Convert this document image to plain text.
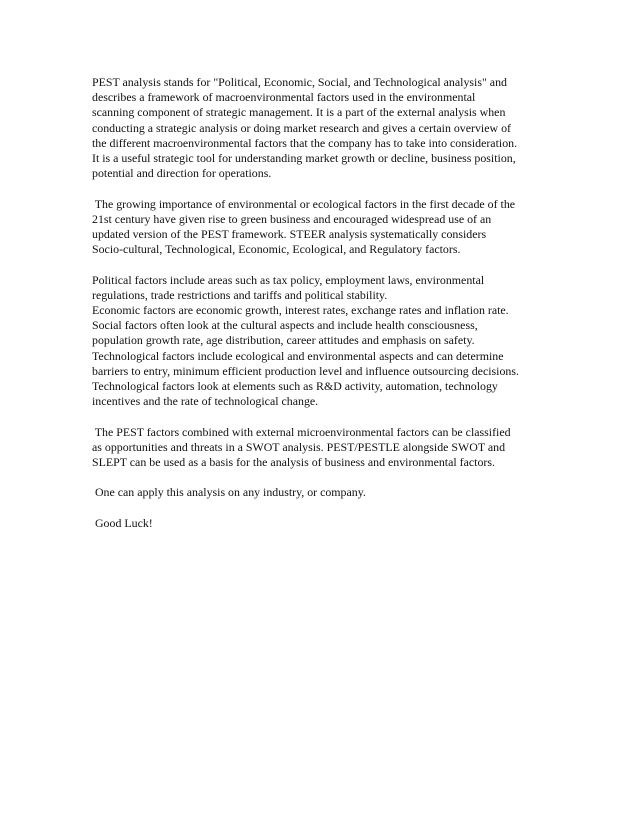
PEST analysis stands for "Political, Economic, Social, and Technological analysis" and
describes a framework of macroenvironmental factors used in the environmental
scanning component of strategic management. It is a part of the external analysis when
conducting a strategic analysis or doing market research and gives a certain overview of
the different macroenvironmental factors that the company has to take into consideration.
It is a useful strategic tool for understanding market growth or decline, business position,
potential and direction for operations.

The growing importance of environmental or ecological factors in the first decade of the
21st century have given rise to green business and encouraged widespread use of an
updated version of the PEST framework. STEER analysis systematically considers
Socio-cultural, Technological, Economic, Ecological, and Regulatory factors.

Political factors include areas such as tax policy, employment laws, environmental
regulations, trade restrictions and tariffs and political stability.
Economic factors are economic growth, interest rates, exchange rates and inflation rate.
Social factors often look at the cultural aspects and include health consciousness,
population growth rate, age distribution, career attitudes and emphasis on safety.
Technological factors include ecological and environmental aspects and can determine
barriers to entry, minimum efficient production level and influence outsourcing decisions.
Technological factors look at elements such as R&D activity, automation, technology
incentives and the rate of technological change.

The PEST factors combined with external microenvironmental factors can be classified
as opportunities and threats in a SWOT analysis. PEST/PESTLE alongside SWOT and
SLEPT can be used as a basis for the analysis of business and environmental factors.

One can apply this analysis on any industry, or company.

Good Luck!
